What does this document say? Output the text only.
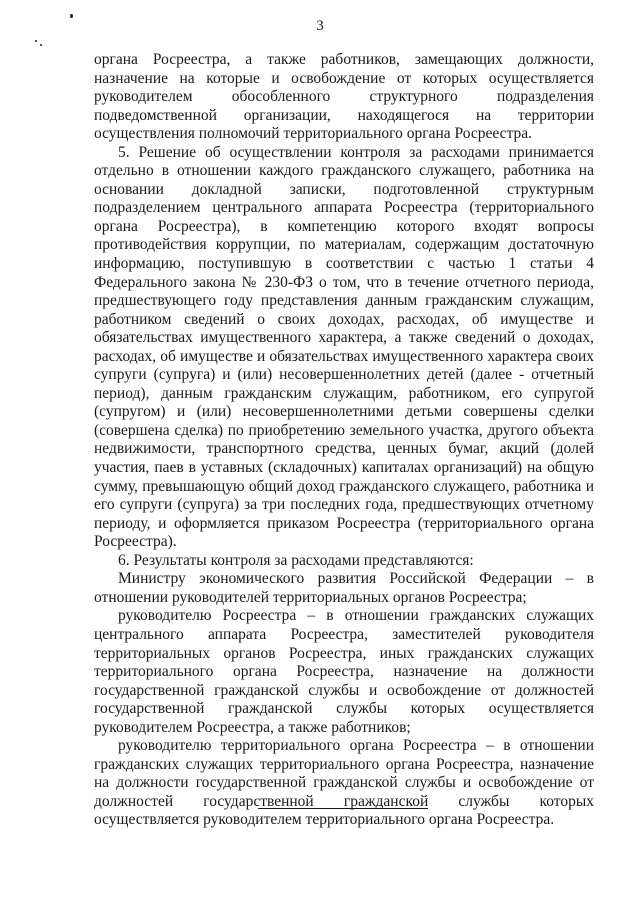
3

органа Росреестра, а также работников, замещающих должности, назначение на которые и освобождение от которых осуществляется руководителем обособленного структурного подразделения подведомственной организации, находящегося на территории осуществления полномочий территориального органа Росреестра.

5. Решение об осуществлении контроля за расходами принимается отдельно в отношении каждого гражданского служащего, работника на основании докладной записки, подготовленной структурным подразделением центрального аппарата Росреестра (территориального органа Росреестра), в компетенцию которого входят вопросы противодействия коррупции, по материалам, содержащим достаточную информацию, поступившую в соответствии с частью 1 статьи 4 Федерального закона № 230-ФЗ о том, что в течение отчетного периода, предшествующего году представления данным гражданским служащим, работником сведений о своих доходах, расходах, об имуществе и обязательствах имущественного характера, а также сведений о доходах, расходах, об имуществе и обязательствах имущественного характера своих супруги (супруга) и (или) несовершеннолетних детей (далее - отчетный период), данным гражданским служащим, работником, его супругой (супругом) и (или) несовершеннолетними детьми совершены сделки (совершена сделка) по приобретению земельного участка, другого объекта недвижимости, транспортного средства, ценных бумаг, акций (долей участия, паев в уставных (складочных) капиталах организаций) на общую сумму, превышающую общий доход гражданского служащего, работника и его супруги (супруга) за три последних года, предшествующих отчетному периоду, и оформляется приказом Росреестра (территориального органа Росреестра).

6. Результаты контроля за расходами представляются:

Министру экономического развития Российской Федерации – в отношении руководителей территориальных органов Росреестра;

руководителю Росреестра – в отношении гражданских служащих центрального аппарата Росреестра, заместителей руководителя территориальных органов Росреестра, иных гражданских служащих территориального органа Росреестра, назначение на должности государственной гражданской службы и освобождение от должностей государственной гражданской службы которых осуществляется руководителем Росреестра, а также работников;

руководителю территориального органа Росреестра – в отношении гражданских служащих территориального органа Росреестра, назначение на должности государственной гражданской службы и освобождение от должностей государственной гражданской службы которых осуществляется руководителем территориального органа Росреестра.
